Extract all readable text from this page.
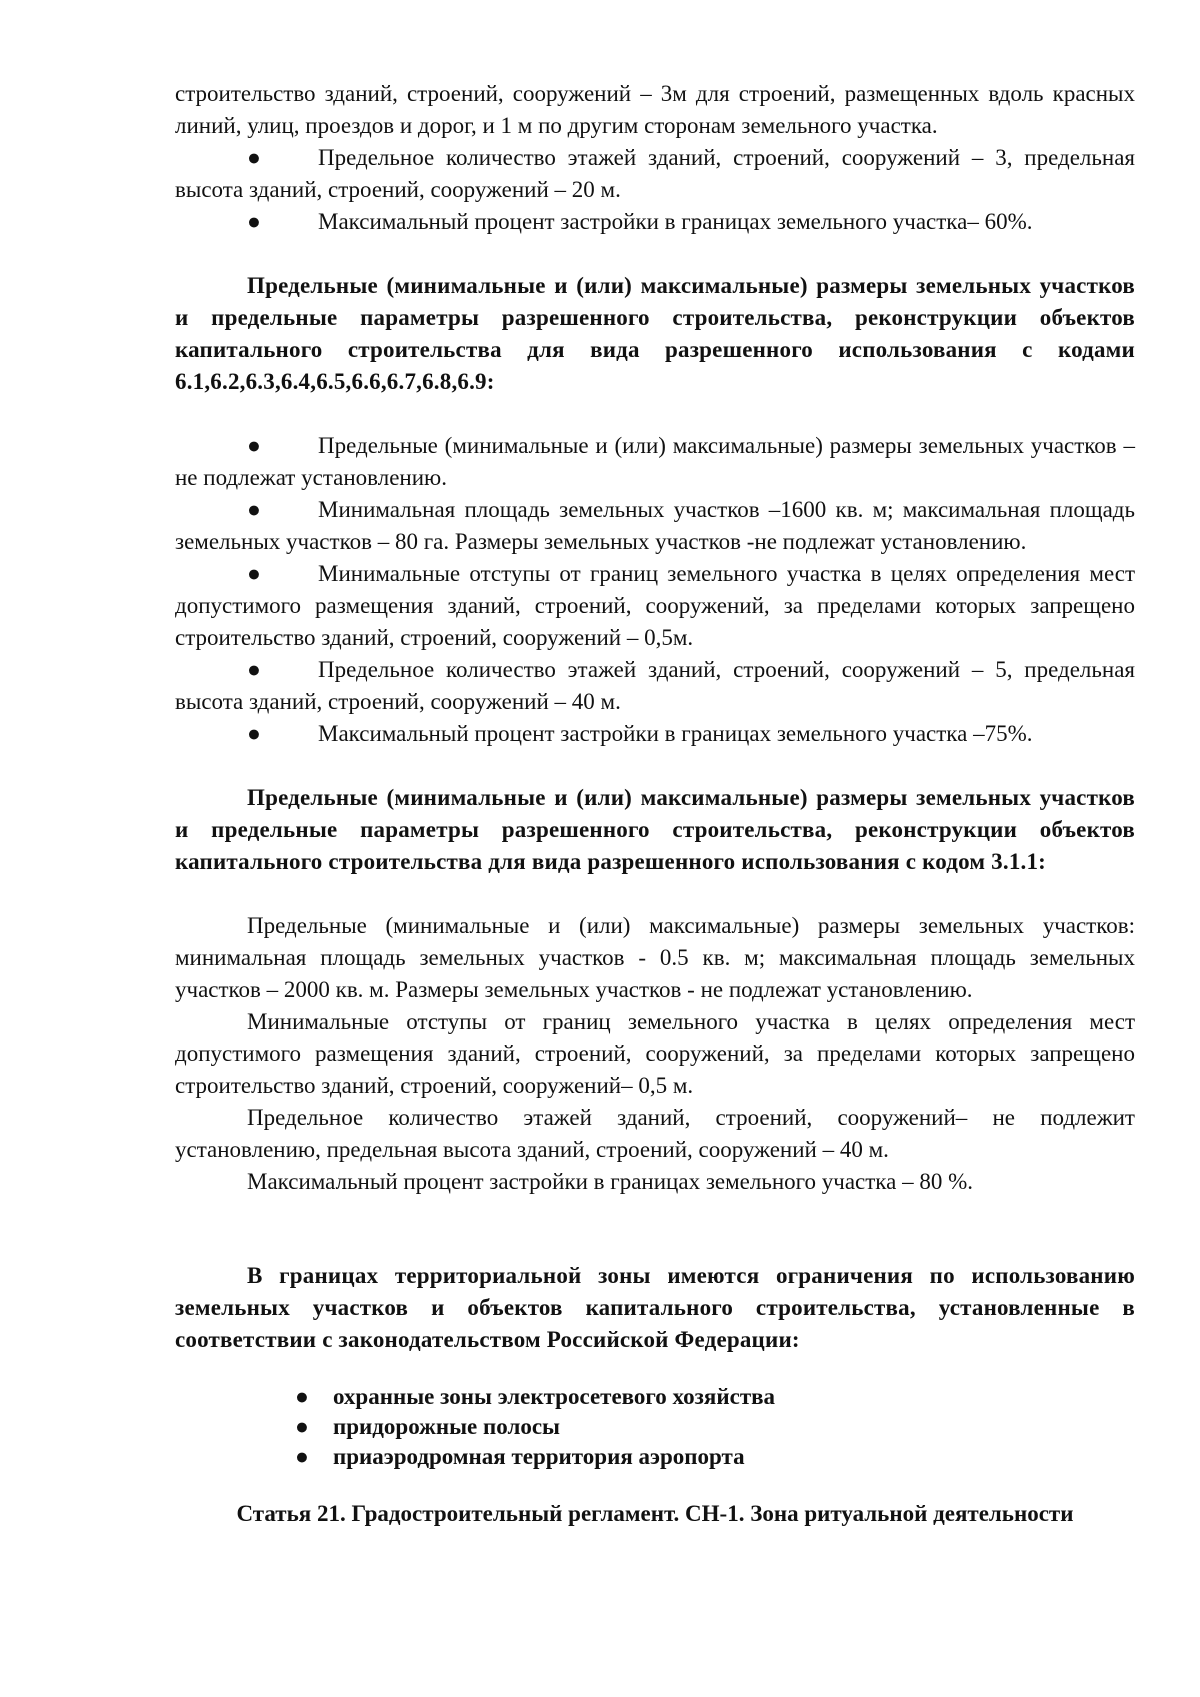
строительство зданий, строений, сооружений – 3м для строений, размещенных вдоль красных линий, улиц, проездов и дорог, и 1 м по другим сторонам земельного участка.

● Предельное количество этажей зданий, строений, сооружений – 3, предельная высота зданий, строений, сооружений – 20 м.

● Максимальный процент застройки в границах земельного участка– 60%.

Предельные (минимальные и (или) максимальные) размеры земельных участков и предельные параметры разрешенного строительства, реконструкции объектов капитального строительства для вида разрешенного использования с кодами 6.1,6.2,6.3,6.4,6.5,6.6,6.7,6.8,6.9:

● Предельные (минимальные и (или) максимальные) размеры земельных участков – не подлежат установлению.

● Минимальная площадь земельных участков –1600 кв. м; максимальная площадь земельных участков – 80 га. Размеры земельных участков -не подлежат установлению.

● Минимальные отступы от границ земельного участка в целях определения мест допустимого размещения зданий, строений, сооружений, за пределами которых запрещено строительство зданий, строений, сооружений – 0,5м.

● Предельное количество этажей зданий, строений, сооружений – 5, предельная высота зданий, строений, сооружений – 40 м.

● Максимальный процент застройки в границах земельного участка –75%.

Предельные (минимальные и (или) максимальные) размеры земельных участков и предельные параметры разрешенного строительства, реконструкции объектов капитального строительства для вида разрешенного использования с кодом 3.1.1:

Предельные (минимальные и (или) максимальные) размеры земельных участков: минимальная площадь земельных участков - 0.5 кв. м; максимальная площадь земельных участков – 2000 кв. м. Размеры земельных участков - не подлежат установлению.

Минимальные отступы от границ земельного участка в целях определения мест допустимого размещения зданий, строений, сооружений, за пределами которых запрещено строительство зданий, строений, сооружений– 0,5 м.

Предельное количество этажей зданий, строений, сооружений– не подлежит установлению, предельная высота зданий, строений, сооружений – 40 м.

Максимальный процент застройки в границах земельного участка – 80 %.

В границах территориальной зоны имеются ограничения по использованию земельных участков и объектов капитального строительства, установленные в соответствии с законодательством Российской Федерации:

● охранные зоны электросетевого хозяйства
● придорожные полосы
● приаэродромная территория аэропорта

Статья 21. Градостроительный регламент. СН-1. Зона ритуальной деятельности
